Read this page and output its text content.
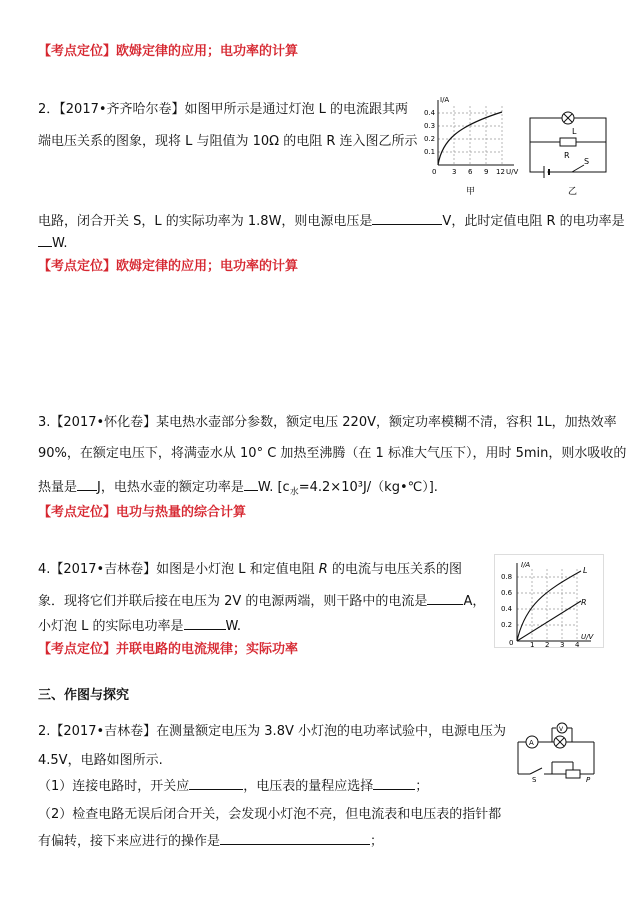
【考点定位】欧姆定律的应用；电功率的计算
2．【2017•齐齐哈尔卷】如图甲所示是通过灯泡 L 的电流跟其两
端电压关系的图象，现将 L 与阻值为 10Ω 的电阻 R 连入图乙所示
电路，闭合开关 S，L 的实际功率为 1.8W，则电源电压是	V，此时定值电阻 R 的电功率是
W.
【考点定位】欧姆定律的应用；电功率的计算
I/A
U/V
0.4
0.3
0.2
0.1
0 3 6 9 12
甲
L
R
S
乙
3.【2017•怀化卷】某电热水壶部分参数，额定电压 220V，额定功率模糊不清，容积 1L，加热效率
90%，在额定电压下，将满壶水从 10° C 加热至沸腾（在 1 标准大气压下），用时 5min，则水吸收的
热量是 J，电热水壶的额定功率是 W. $[c_水=4.2\times 10^3J/(kg•℃)]$.
【考点定位】电功与热量的综合计算
4.【2017•吉林卷】如图是小灯泡 L 和定值电阻 R 的电流与电压关系的图
象．现将它们并联后接在电压为 2V 的电源两端，则干路中的电流是	A，
小灯泡 L 的实际电功率是	W.
【考点定位】并联电路的电流规律；实际功率
I/A
U/V
0.8
0.6
0.4
0.2
0 1 2 3 4
L
R
三、作图与探究
2.【2017•吉林卷】在测量额定电压为 3.8V 小灯泡的电功率试验中，电源电压为
4.5V，电路如图所示.
（1）连接电路时，开关应	，电压表的量程应选择	；
（2）检查电路无误后闭合开关，会发现小灯泡不亮，但电流表和电压表的指针都
有偏转，接下来应进行的操作是	；
A
V
S	P
